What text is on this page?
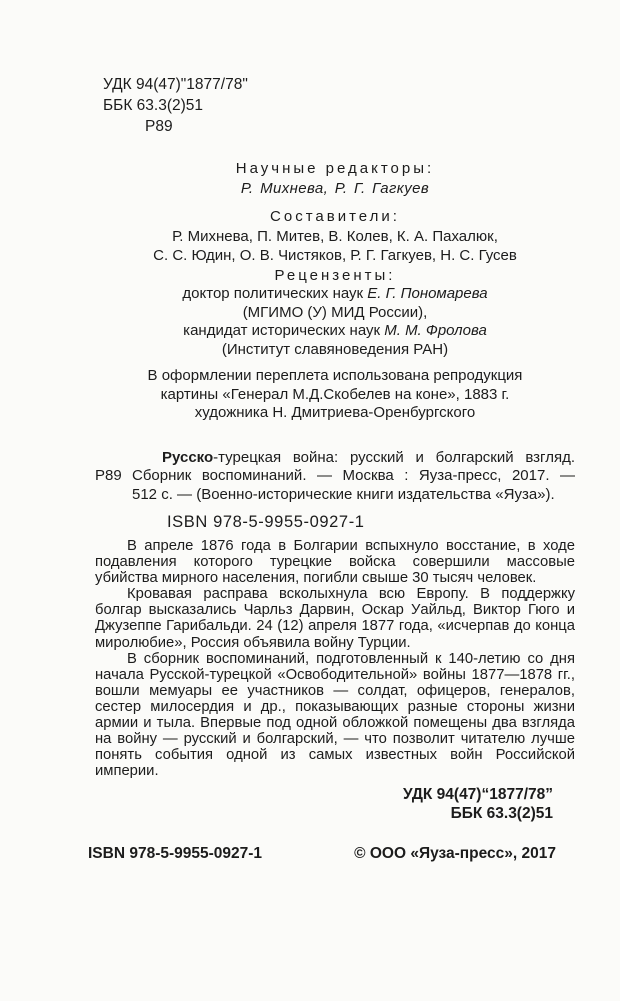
УДК 94(47)"1877/78"
ББК 63.3(2)51
Р89
Научные редакторы:
Р. Михнева, Р. Г. Гагкуев
Составители:
Р. Михнева, П. Митев, В. Колев, К. А. Пахалюк,
С. С. Юдин, О. В. Чистяков, Р. Г. Гагкуев, Н. С. Гусев
Рецензенты:
доктор политических наук Е. Г. Пономарева
(МГИМО (У) МИД России),
кандидат исторических наук М. М. Фролова
(Институт славяноведения РАН)
В оформлении переплета использована репродукция
картины «Генерал М.Д.Скобелев на коне», 1883 г.
художника Н. Дмитриева-Оренбургского
Р89
Русско-турецкая война: русский и болгарский взгляд.
Сборник воспоминаний. — Москва : Яуза-пресс, 2017. —
512 с. — (Военно-исторические книги издательства «Яуза»).
ISBN 978-5-9955-0927-1

В апреле 1876 года в Болгарии вспыхнуло восстание, в ходе подавления которого турецкие войска совершили массовые убийства мирного населения, погибли свыше 30 тысяч человек.

Кровавая расправа всколыхнула всю Европу. В поддержку болгар высказались Чарльз Дарвин, Оскар Уайльд, Виктор Гюго и Джузеппе Гарибальди. 24 (12) апреля 1877 года, «исчерпав до конца миролюбие», Россия объявила войну Турции.

В сборник воспоминаний, подготовленный к 140-летию со дня начала Русской-турецкой «Освободительной» войны 1877—1878 гг., вошли мемуары ее участников — солдат, офицеров, генералов, сестер милосердия и др., показывающих разные стороны жизни армии и тыла. Впервые под одной обложкой помещены два взгляда на войну — русский и болгарский, — что позволит читателю лучше понять события одной из самых известных войн Российской империи.

УДК 94(47)“1877/78”
ББК 63.3(2)51
ISBN 978-5-9955-0927-1	© ООО «Яуза-пресс», 2017
